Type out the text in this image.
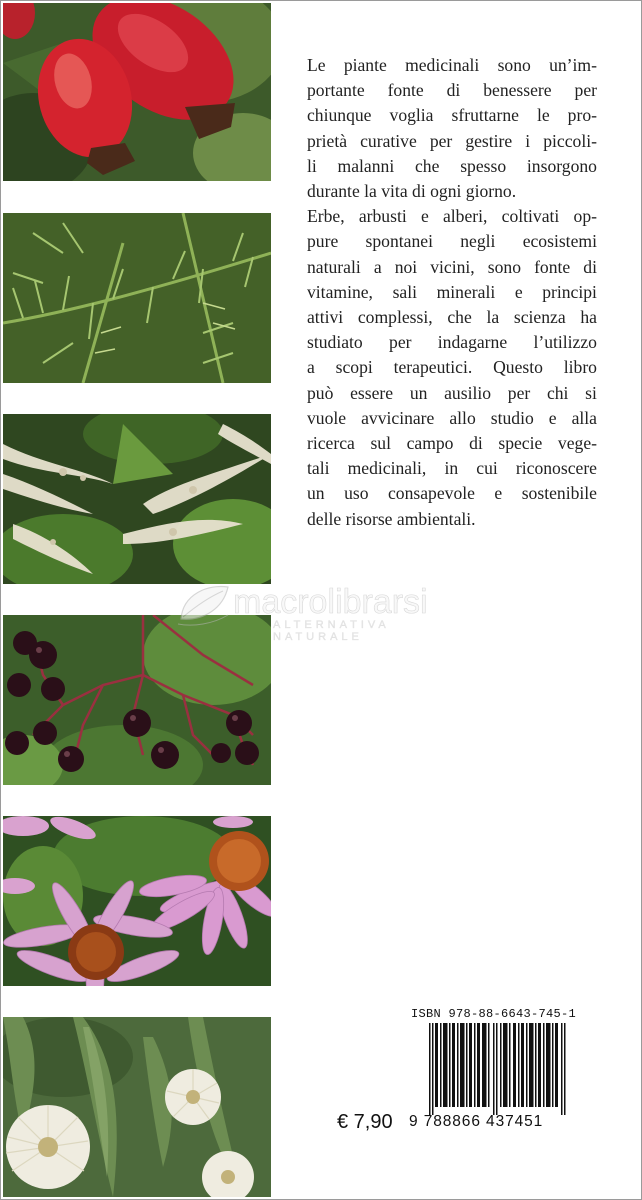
Le piante medicinali sono un’im-
portante fonte di benessere per
chiunque voglia sfruttarne le pro-
prietà curative per gestire i piccoli-
li malanni che spesso insorgono
durante la vita di ogni giorno.
Erbe, arbusti e alberi, coltivati op-
pure spontanei negli ecosistemi
naturali a noi vicini, sono fonte di
vitamine, sali minerali e principi
attivi complessi, che la scienza ha
studiato per indagarne l’utilizzo
a scopi terapeutici. Questo libro
può essere un ausilio per chi si
vuole avvicinare allo studio e alla
ricerca sul campo di specie vege-
tali medicinali, in cui riconoscere
un uso consapevole e sostenibile
delle risorse ambientali.

macrolibrarsi
ALTERNATIVA NATURALE
ISBN 978-88-6643-745-1
9 788866 437451
€ 7,90
